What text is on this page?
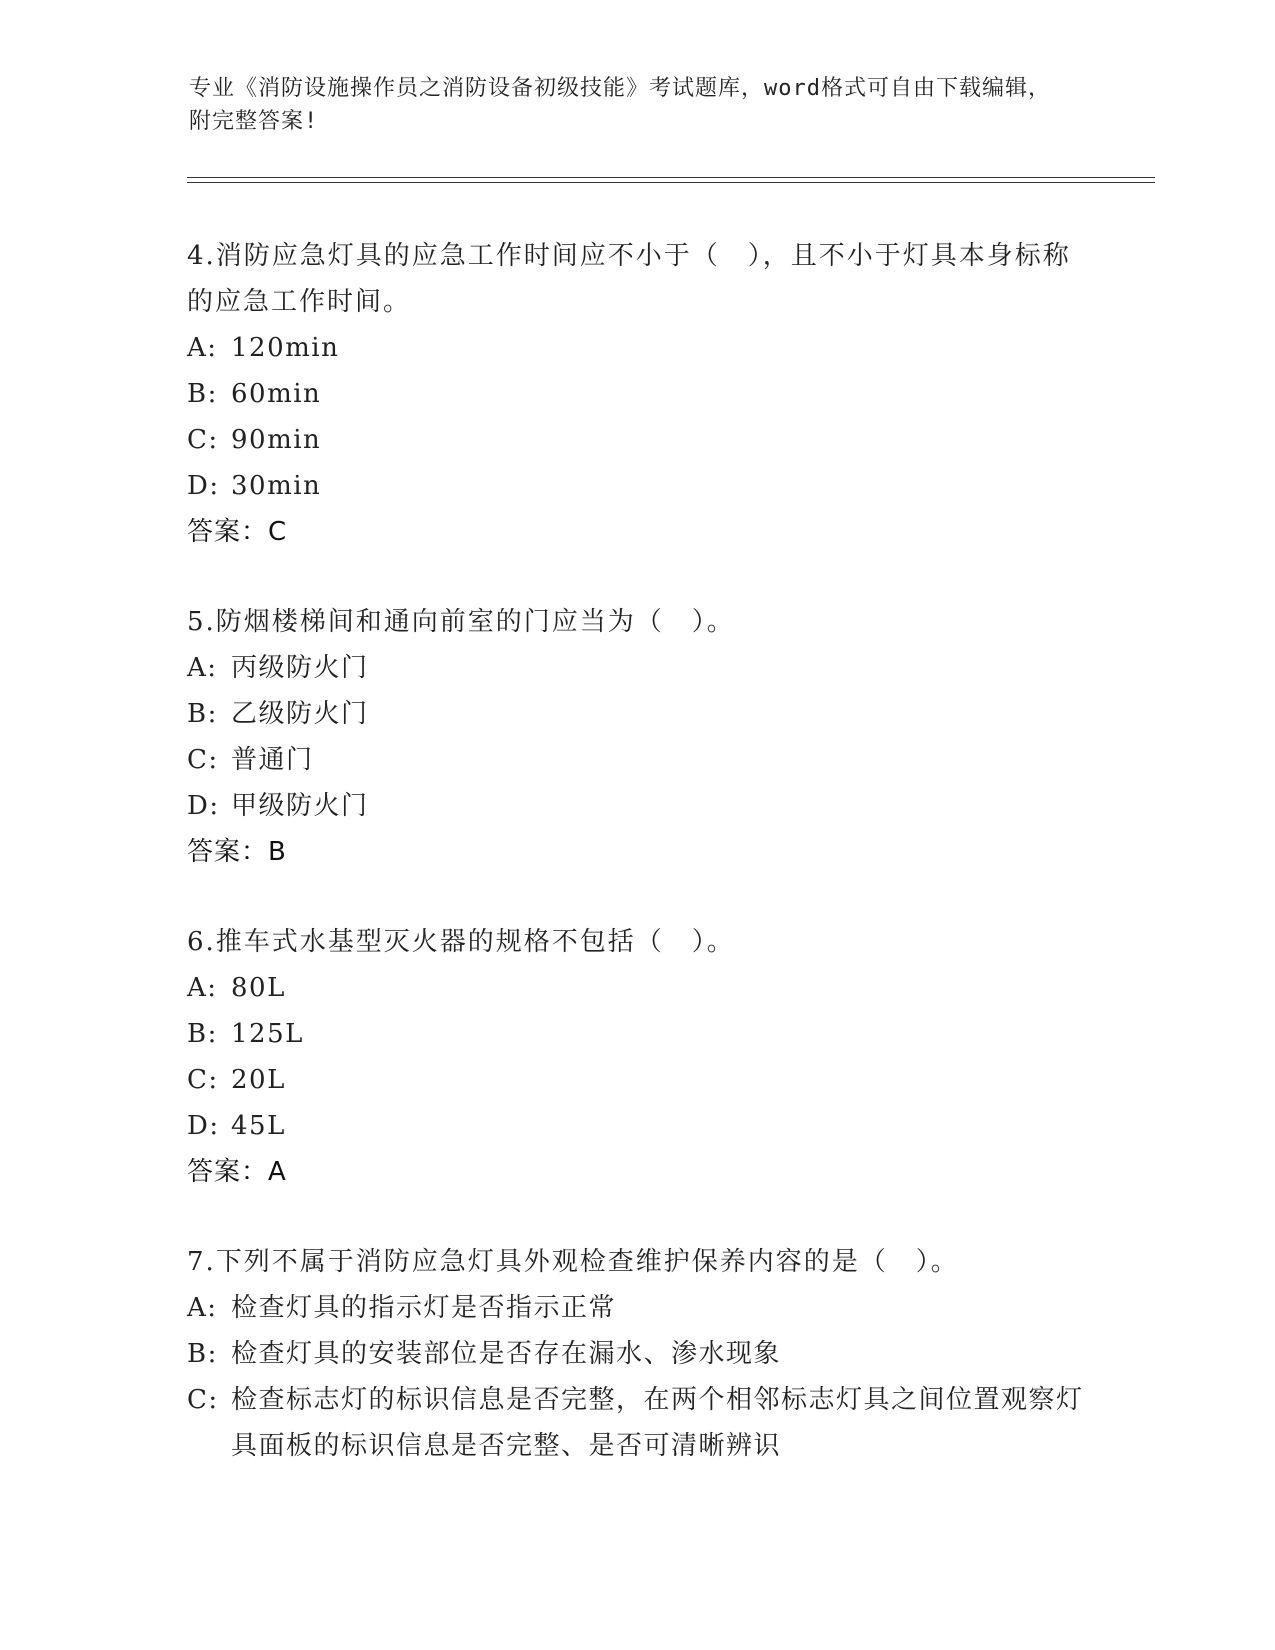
专业《消防设施操作员之消防设备初级技能》考试题库，word格式可自由下载编辑，附完整答案!

4.消防应急灯具的应急工作时间应不小于（　），且不小于灯具本身标称的应急工作时间。

A: 120min

B: 60min

C: 90min

D: 30min

答案：C

5.防烟楼梯间和通向前室的门应当为（　）。

A: 丙级防火门

B: 乙级防火门

C: 普通门

D: 甲级防火门

答案：B

6.推车式水基型灭火器的规格不包括（　）。

A: 80L

B: 125L

C: 20L

D: 45L

答案：A

7.下列不属于消防应急灯具外观检查维护保养内容的是（　）。

A: 检查灯具的指示灯是否指示正常

B: 检查灯具的安装部位是否存在漏水、渗水现象

C: 检查标志灯的标识信息是否完整，在两个相邻标志灯具之间位置观察灯具面板的标识信息是否完整、是否可清晰辨识
